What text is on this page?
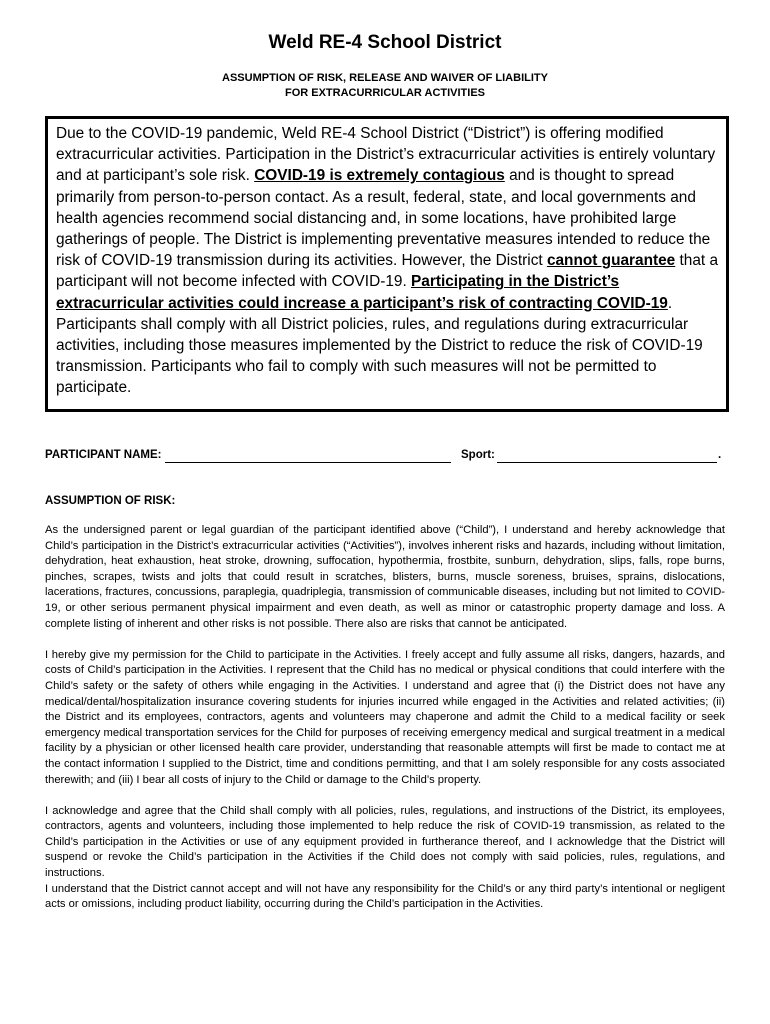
Weld RE-4 School District
ASSUMPTION OF RISK, RELEASE AND WAIVER OF LIABILITY
FOR EXTRACURRICULAR ACTIVITIES
Due to the COVID-19 pandemic, Weld RE-4 School District (“District”) is offering modified extracurricular activities. Participation in the District’s extracurricular activities is entirely voluntary and at participant’s sole risk. COVID-19 is extremely contagious and is thought to spread primarily from person-to-person contact. As a result, federal, state, and local governments and health agencies recommend social distancing and, in some locations, have prohibited large gatherings of people. The District is implementing preventative measures intended to reduce the risk of COVID-19 transmission during its activities. However, the District cannot guarantee that a participant will not become infected with COVID-19. Participating in the District’s extracurricular activities could increase a participant’s risk of contracting COVID-19. Participants shall comply with all District policies, rules, and regulations during extracurricular activities, including those measures implemented by the District to reduce the risk of COVID-19 transmission. Participants who fail to comply with such measures will not be permitted to participate.
PARTICIPANT NAME:	Sport:	.
ASSUMPTION OF RISK:

As the undersigned parent or legal guardian of the participant identified above (“Child”), I understand and hereby acknowledge that Child’s participation in the District’s extracurricular activities (“Activities”), involves inherent risks and hazards, including without limitation, dehydration, heat exhaustion, heat stroke, drowning, suffocation, hypothermia, frostbite, sunburn, dehydration, slips, falls, rope burns, pinches, scrapes, twists and jolts that could result in scratches, blisters, burns, muscle soreness, bruises, sprains, dislocations, lacerations, fractures, concussions, paraplegia, quadriplegia, transmission of communicable diseases, including but not limited to COVID-19, or other serious permanent physical impairment and even death, as well as minor or catastrophic property damage and loss. A complete listing of inherent and other risks is not possible. There also are risks that cannot be anticipated.

I hereby give my permission for the Child to participate in the Activities. I freely accept and fully assume all risks, dangers, hazards, and costs of Child’s participation in the Activities. I represent that the Child has no medical or physical conditions that could interfere with the Child’s safety or the safety of others while engaging in the Activities. I understand and agree that (i) the District does not have any medical/dental/hospitalization insurance covering students for injuries incurred while engaged in the Activities and related activities; (ii) the District and its employees, contractors, agents and volunteers may chaperone and admit the Child to a medical facility or seek emergency medical transportation services for the Child for purposes of receiving emergency medical and surgical treatment in a medical facility by a physician or other licensed health care provider, understanding that reasonable attempts will first be made to contact me at the contact information I supplied to the District, time and conditions permitting, and that I am solely responsible for any costs associated therewith; and (iii) I bear all costs of injury to the Child or damage to the Child’s property.

I acknowledge and agree that the Child shall comply with all policies, rules, regulations, and instructions of the District, its employees, contractors, agents and volunteers, including those implemented to help reduce the risk of COVID-19 transmission, as related to the Child’s participation in the Activities or use of any equipment provided in furtherance thereof, and I acknowledge that the District will suspend or revoke the Child’s participation in the Activities if the Child does not comply with said policies, rules, regulations, and instructions.

I understand that the District cannot accept and will not have any responsibility for the Child’s or any third party’s intentional or negligent acts or omissions, including product liability, occurring during the Child’s participation in the Activities.
